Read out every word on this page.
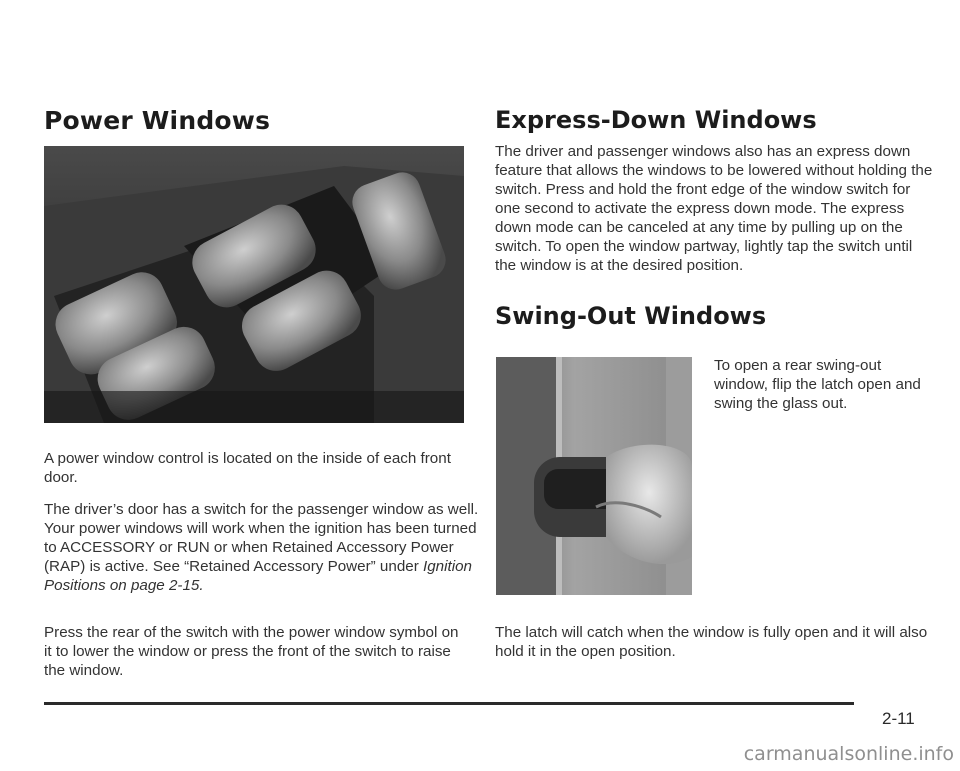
Power Windows

A power window control is located on the inside of each front door.

The driver’s door has a switch for the passenger window as well. Your power windows will work when the ignition has been turned to ACCESSORY or RUN or when Retained Accessory Power (RAP) is active. See “Retained Accessory Power” under Ignition Positions on page 2-15.

Press the rear of the switch with the power window symbol on it to lower the window or press the front of the switch to raise the window.

Express-Down Windows

The driver and passenger windows also has an express down feature that allows the windows to be lowered without holding the switch. Press and hold the front edge of the window switch for one second to activate the express down mode. The express down mode can be canceled at any time by pulling up on the switch. To open the window partway, lightly tap the switch until the window is at the desired position.

Swing-Out Windows

To open a rear swing-out window, flip the latch open and swing the glass out.

The latch will catch when the window is fully open and it will also hold it in the open position.

2-11
carmanualsonline.info
